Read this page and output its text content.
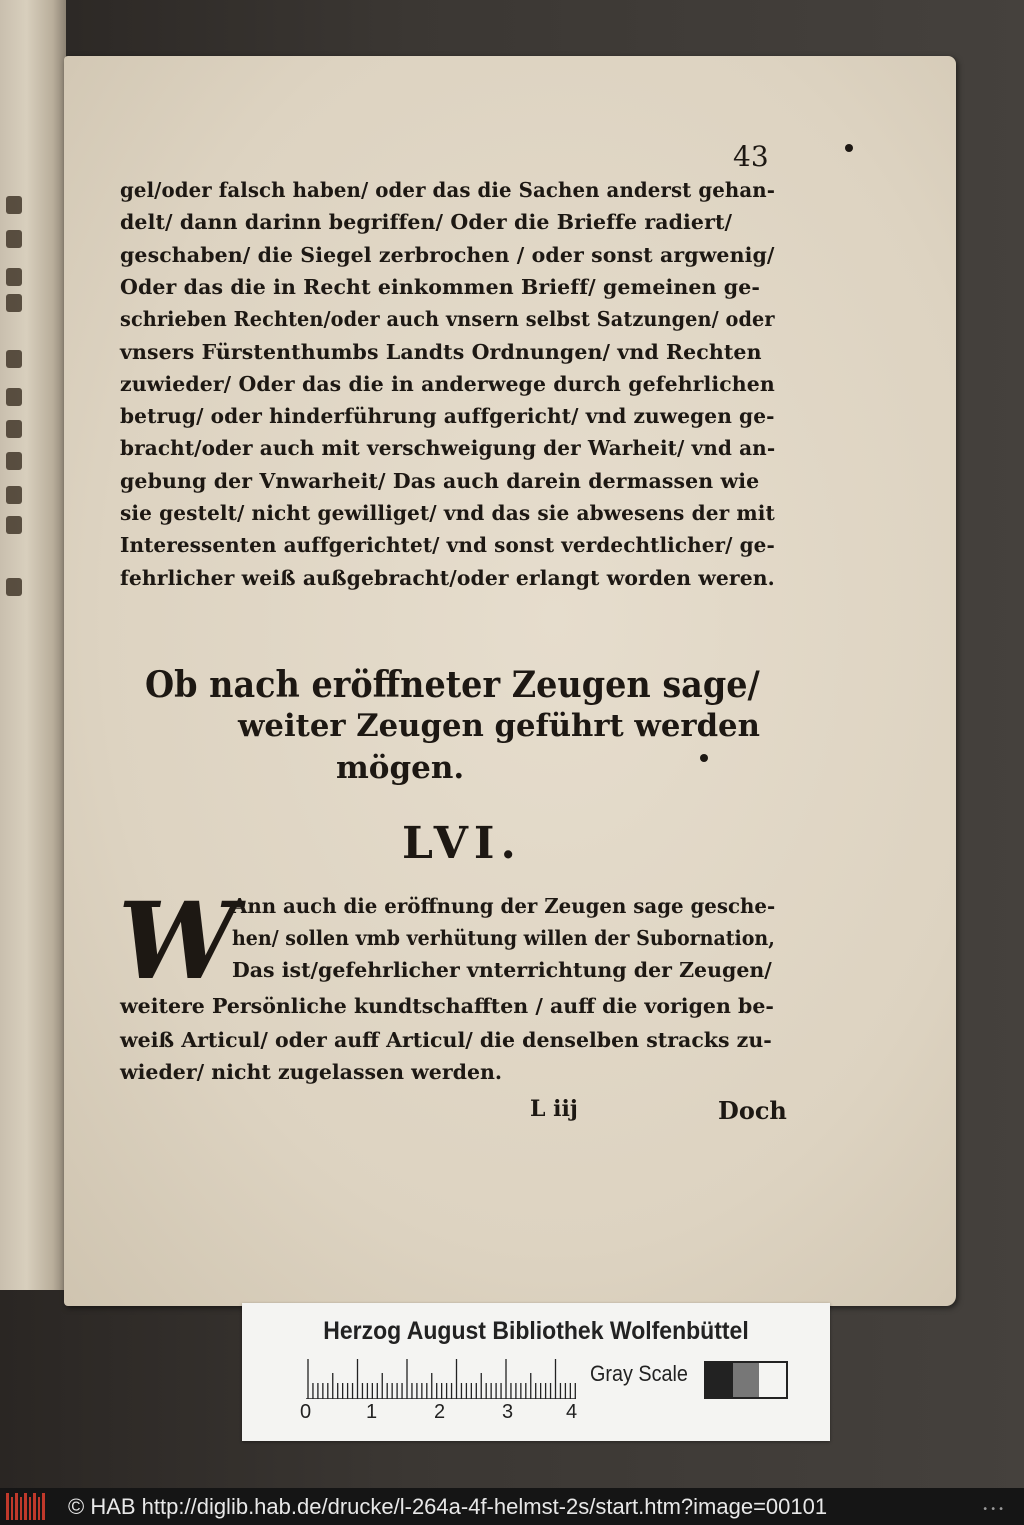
43
gel/oder falsch haben/ oder das die Sachen anderst gehan-
delt/ dann darinn begriffen/ Oder die Brieffe radiert/
geschaben/ die Siegel zerbrochen / oder sonst argwenig/
Oder das die in Recht einkommen Brieff/ gemeinen ge-
schrieben Rechten/oder auch vnsern selbst Satzungen/ oder
vnsers Fürstenthumbs Landts Ordnungen/ vnd Rechten
zuwieder/ Oder das die in anderwege durch gefehrlichen
betrug/ oder hinderführung auffgericht/ vnd zuwegen ge-
bracht/oder auch mit verschweigung der Warheit/ vnd an-
gebung der Vnwarheit/ Das auch darein dermassen wie
sie gestelt/ nicht gewilliget/ vnd das sie abwesens der mit
Interessenten auffgerichtet/ vnd sonst verdechtlicher/ ge-
fehrlicher weiß außgebracht/oder erlangt worden weren.
Ob nach eröffneter Zeugen sage/
weiter Zeugen geführt werden
mögen.
LVI.
W
Ann auch die eröffnung der Zeugen sage gesche-
hen/ sollen vmb verhütung willen der Subornation,
Das ist/gefehrlicher vnterrichtung der Zeugen/
weitere Persönliche kundtschafften / auff die vorigen be-
weiß Articul/ oder auff Articul/ die denselben stracks zu-
wieder/ nicht zugelassen werden.
L iij	Doch
Herzog August Bibliothek Wolfenbüttel
0	1	2	3	4
Gray Scale
© HAB http://diglib.hab.de/drucke/l-264a-4f-helmst-2s/start.htm?image=00101	•••
